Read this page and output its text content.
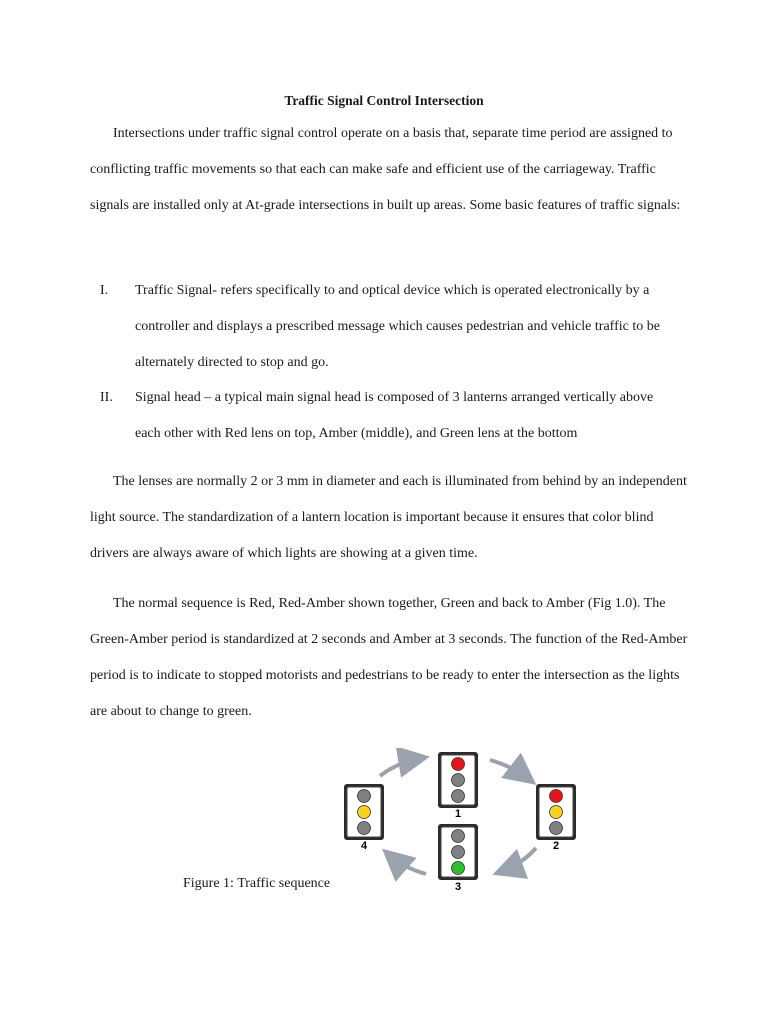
Traffic Signal Control Intersection

Intersections under traffic signal control operate on a basis that, separate time period are assigned to conflicting traffic movements so that each can make safe and efficient use of the carriageway. Traffic signals are installed only at At-grade intersections in built up areas. Some basic features of traffic signals:

I. Traffic Signal- refers specifically to and optical device which is operated electronically by a controller and displays a prescribed message which causes pedestrian and vehicle traffic to be alternately directed to stop and go.
II. Signal head – a typical main signal head is composed of 3 lanterns arranged vertically above each other with Red lens on top, Amber (middle), and Green lens at the bottom

The lenses are normally 2 or 3 mm in diameter and each is illuminated from behind by an independent light source. The standardization of a lantern location is important because it ensures that color blind drivers are always aware of which lights are showing at a given time.

The normal sequence is Red, Red-Amber shown together, Green and back to Amber (Fig 1.0). The Green-Amber period is standardized at 2 seconds and Amber at 3 seconds. The function of the Red-Amber period is to indicate to stopped motorists and pedestrians to be ready to enter the intersection as the lights are about to change to green.

1
2
3
4
Figure 1: Traffic sequence
